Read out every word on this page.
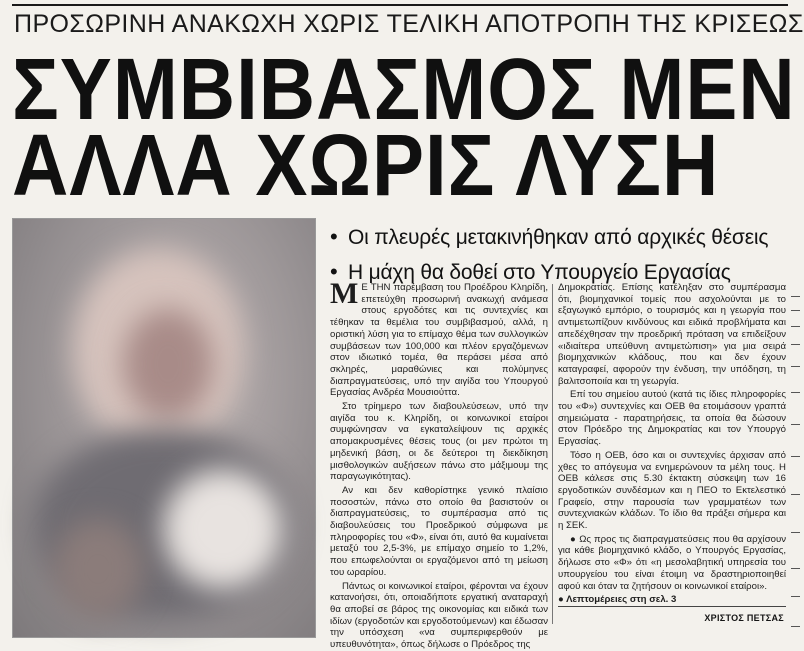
ΠΡΟΣΩΡΙΝΗ ΑΝΑΚΩΧΗ ΧΩΡΙΣ ΤΕΛΙΚΗ ΑΠΟΤΡΟΠΗ ΤΗΣ ΚΡΙΣΕΩΣ
ΣΥΜΒΙΒΑΣΜΟΣ ΜΕΝ
ΑΛΛΑ ΧΩΡΙΣ ΛΥΣΗ
• Οι πλευρές μετακινήθηκαν από αρχικές θέσεις
• Η μάχη θα δοθεί στο Υπουργείο Εργασίας

Μ Ε ΤΗΝ παρέμβαση του Προέδρου Κληρίδη, επετεύχθη προσωρινή ανακωχή ανάμεσα στους εργοδότες και τις συντεχνίες και τέθηκαν τα θεμέλια του συμβιβασμού, αλλά, η οριστική λύση για το επίμαχο θέμα των συλλογικών συμβάσεων των 100,000 και πλέον εργαζόμενων στον ιδιωτικό τομέα, θα περάσει μέσα από σκληρές, μαραθώνιες και πολύμηνες διαπραγματεύσεις, υπό την αιγίδα του Υπουργού Εργασίας Ανδρέα Μουσιούττα.

Στο τρίημερο των διαβουλεύσεων, υπό την αιγίδα του κ. Κληρίδη, οι κοινωνικοί εταίροι συμφώνησαν να εγκαταλείψουν τις αρχικές απομακρυσμένες θέσεις τους (οι μεν πρώτοι τη μηδενική βάση, οι δε δεύτεροι τη διεκδίκηση μισθολογικών αυξήσεων πάνω στο μάξιμουμ της παραγωγικότητας).

Αν και δεν καθορίστηκε γενικό πλαίσιο ποσοστών, πάνω στο οποίο θα βασιστούν οι διαπραγματεύσεις, το συμπέρασμα από τις διαβουλεύσεις του Προεδρικού σύμφωνα με πληροφορίες του «Φ», είναι ότι, αυτό θα κυμαίνεται μεταξύ του 2,5-3%, με επίμαχο σημείο το 1,2%, που επωφελούνται οι εργαζόμενοι από τη μείωση του ωραρίου.

Πάντως οι κοινωνικοί εταίροι, φέρονται να έχουν κατανοήσει, ότι, οποιαδήποτε εργατική αναταραχή θα αποβεί σε βάρος της οικονομίας και ειδικά των ιδίων (εργοδοτών και εργοδοτούμενων) και έδωσαν την υπόσχεση «να συμπεριφερθούν με υπευθυνότητα», όπως δήλωσε ο Πρόεδρος της

Δημοκρατίας. Επίσης κατέληξαν στο συμπέρασμα ότι, βιομηχανικοί τομείς που ασχολούνται με το εξαγωγικό εμπόριο, ο τουρισμός και η γεωργία που αντιμετωπίζουν κινδύνους και ειδικά προβλήματα και απεδέχθησαν την προεδρική πρόταση να επιδείξουν «ιδιαίτερα υπεύθυνη αντιμετώπιση» για μια σειρά βιομηχανικών κλάδους, που και δεν έχουν καταγραφεί, αφορούν την ένδυση, την υπόδηση, τη βαλιτσοποιία και τη γεωργία.

Επί του σημείου αυτού (κατά τις ίδιες πληροφορίες του «Φ») συντεχνίες και ΟΕΒ θα ετοιμάσουν γραπτά σημειώματα - παρατηρήσεις, τα οποία θα δώσουν στον Πρόεδρο της Δημοκρατίας και τον Υπουργό Εργασίας.

Τόσο η ΟΕΒ, όσο και οι συντεχνίες άρχισαν από χθες το απόγευμα να ενημερώνουν τα μέλη τους. Η ΟΕΒ κάλεσε στις 5.30 έκτακτη σύσκεψη των 16 εργοδοτικών συνδέσμων και η ΠΕΟ το Εκτελεστικό Γραφείο, στην παρουσία των γραμματέων των συντεχνιακών κλάδων. Το ίδιο θα πράξει σήμερα και η ΣΕΚ.

● Ως προς τις διαπραγματεύσεις που θα αρχίσουν για κάθε βιομηχανικό κλάδο, ο Υπουργός Εργασίας, δήλωσε στο «Φ» ότι «η μεσολαβητική υπηρεσία του υπουργείου του είναι έτοιμη να δραστηριοποιηθεί αφού και όταν τα ζητήσουν οι κοινωνικοί εταίροι».

● Λεπτομέρειες στη σελ. 3
ΧΡΙΣΤΟΣ ΠΕΤΣΑΣ
